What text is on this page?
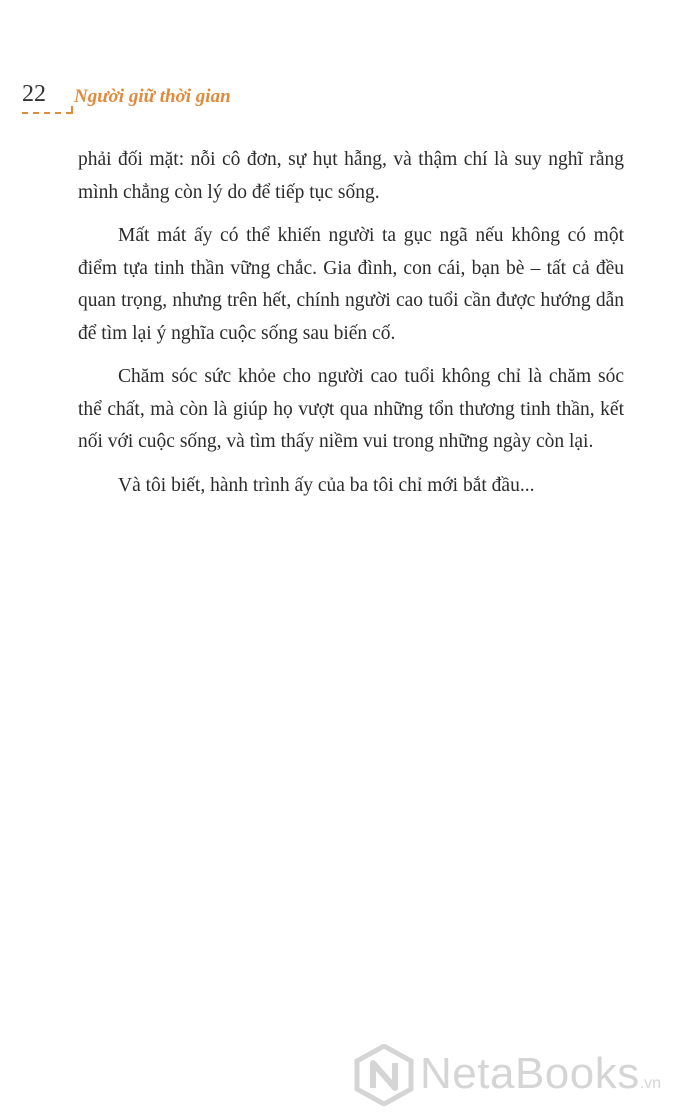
22 Người giữ thời gian

phải đối mặt: nỗi cô đơn, sự hụt hẫng, và thậm chí là suy nghĩ rằng mình chẳng còn lý do để tiếp tục sống.

Mất mát ấy có thể khiến người ta gục ngã nếu không có một điểm tựa tinh thần vững chắc. Gia đình, con cái, bạn bè – tất cả đều quan trọng, nhưng trên hết, chính người cao tuổi cần được hướng dẫn để tìm lại ý nghĩa cuộc sống sau biến cố.

Chăm sóc sức khỏe cho người cao tuổi không chỉ là chăm sóc thể chất, mà còn là giúp họ vượt qua những tổn thương tinh thần, kết nối với cuộc sống, và tìm thấy niềm vui trong những ngày còn lại.

Và tôi biết, hành trình ấy của ba tôi chỉ mới bắt đầu...

NetaBooks.vn
